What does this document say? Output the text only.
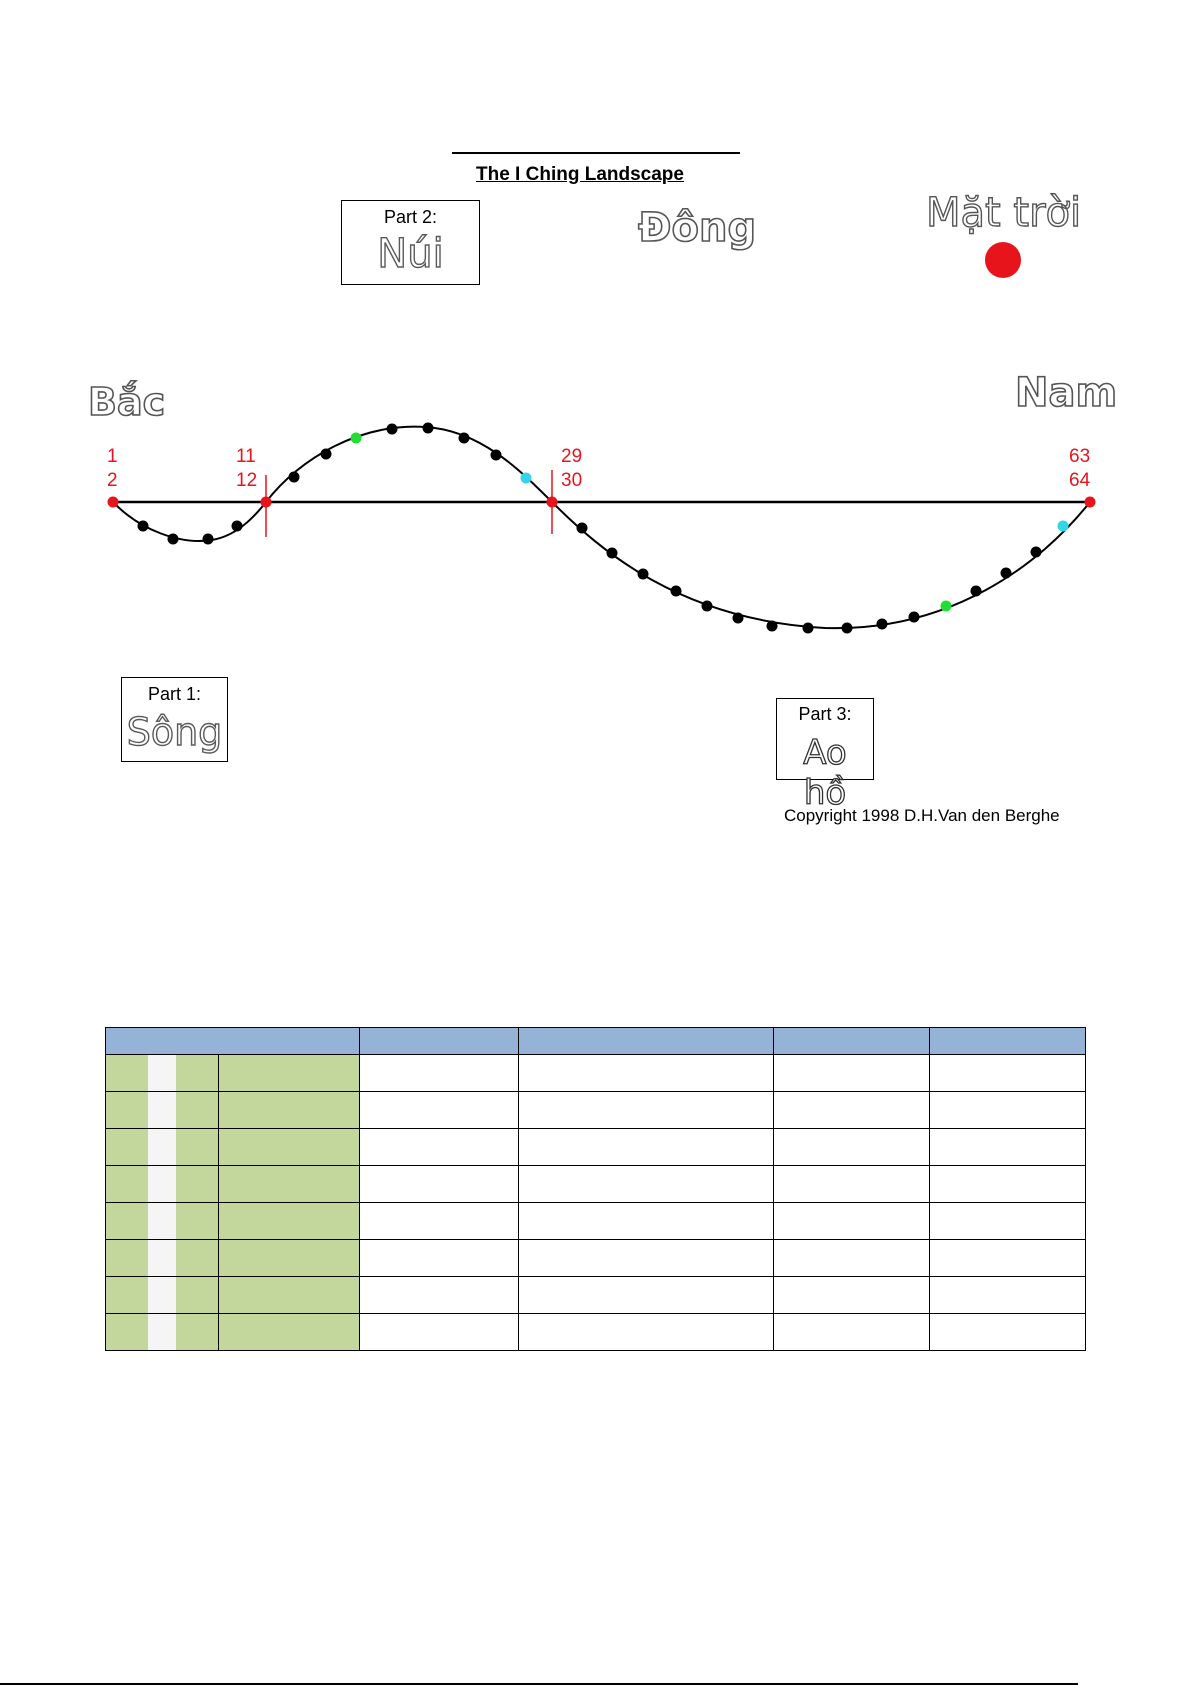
The I Ching Landscape
Part 2:
Núi
Đông	Mặt trời
Bắc	Nam
1
2
11
12
29
30
63
64
Part 1:
Sông	Part 3:
Ao hồ
Copyright 1998 D.H.Van den Berghe
